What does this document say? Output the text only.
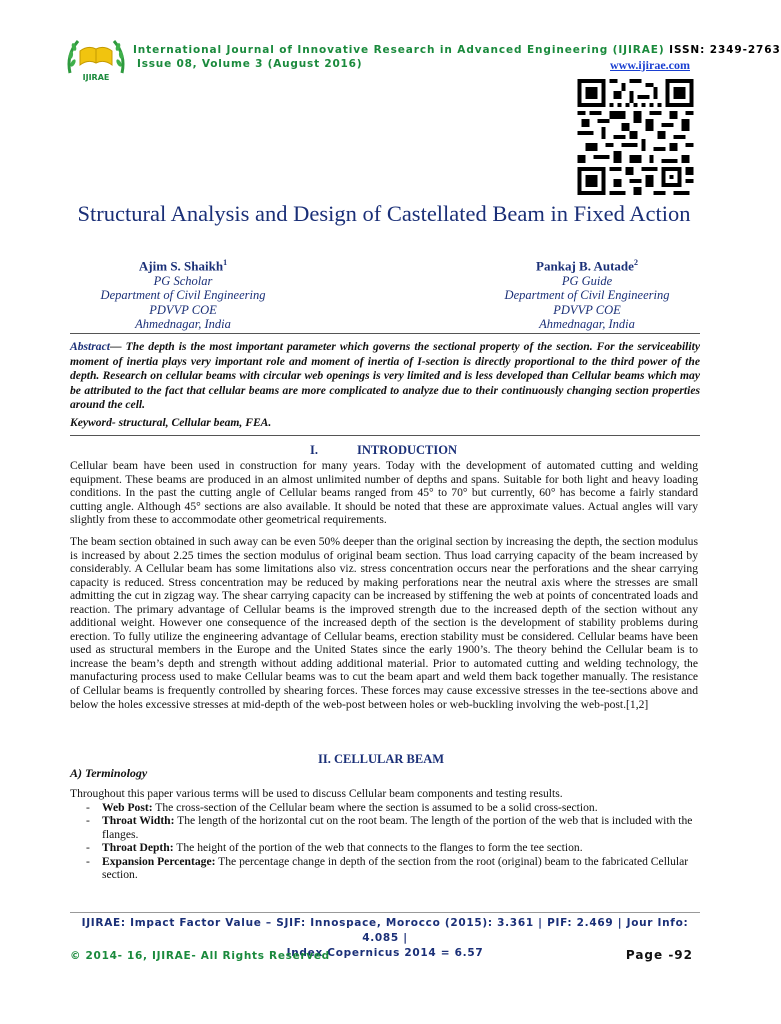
IJIRAE
International Journal of Innovative Research in Advanced Engineering (IJIRAE) ISSN: 2349-2763
Issue 08, Volume 3 (August 2016)	www.ijirae.com
Structural Analysis and Design of Castellated Beam in Fixed Action
Ajim S. Shaikh$^1$
PG Scholar
Department of Civil Engineering
PDVVP COE
Ahmednagar, India
Pankaj B. Autade$^2$
PG Guide
Department of Civil Engineering
PDVVP COE
Ahmednagar, India
Abstract— The depth is the most important parameter which governs the sectional property of the section. For the serviceability moment of inertia plays very important role and moment of inertia of I-section is directly proportional to the third power of the depth. Research on cellular beams with circular web openings is very limited and is less developed than Cellular beams which may be attributed to the fact that cellular beams are more complicated to analyze due to their continuously changing section properties around the cell.
Keyword- structural, Cellular beam, FEA.
I.	INTRODUCTION
Cellular beam have been used in construction for many years. Today with the development of automated cutting and welding equipment. These beams are produced in an almost unlimited number of depths and spans. Suitable for both light and heavy loading conditions. In the past the cutting angle of Cellular beams ranged from 45° to 70° but currently, 60° has become a fairly standard cutting angle. Although 45° sections are also available. It should be noted that these are approximate values. Actual angles will vary slightly from these to accommodate other geometrical requirements.
The beam section obtained in such away can be even 50% deeper than the original section by increasing the depth, the section modulus is increased by about 2.25 times the section modulus of original beam section. Thus load carrying capacity of the beam increased by considerably. A Cellular beam has some limitations also viz. stress concentration occurs near the perforations and the shear carrying capacity is reduced. Stress concentration may be reduced by making perforations near the neutral axis where the stresses are small admitting the cut in zigzag way. The shear carrying capacity can be increased by stiffening the web at points of concentrated loads and reaction. The primary advantage of Cellular beams is the improved strength due to the increased depth of the section without any additional weight. However one consequence of the increased depth of the section is the development of stability problems during erection. To fully utilize the engineering advantage of Cellular beams, erection stability must be considered. Cellular beams have been used as structural members in the Europe and the United States since the early 1900’s. The theory behind the Cellular beam is to increase the beam’s depth and strength without adding additional material. Prior to automated cutting and welding technology, the manufacturing process used to make Cellular beams was to cut the beam apart and weld them back together manually. The resistance of Cellular beams is frequently controlled by shearing forces. These forces may cause excessive stresses in the tee-sections above and below the holes excessive stresses at mid-depth of the web-post between holes or web-buckling involving the web-post.[1,2]
II. CELLULAR BEAM
A) Terminology
Throughout this paper various terms will be used to discuss Cellular beam components and testing results.
- Web Post: The cross-section of the Cellular beam where the section is assumed to be a solid cross-section.
- Throat Width: The length of the horizontal cut on the root beam. The length of the portion of the web that is included with the flanges.
- Throat Depth: The height of the portion of the web that connects to the flanges to form the tee section.
- Expansion Percentage: The percentage change in depth of the section from the root (original) beam to the fabricated Cellular section.
IJIRAE: Impact Factor Value – SJIF: Innospace, Morocco (2015): 3.361 | PIF: 2.469 | Jour Info: 4.085 |
Index Copernicus 2014 = 6.57
© 2014- 16, IJIRAE- All Rights Reserved	Page -92
